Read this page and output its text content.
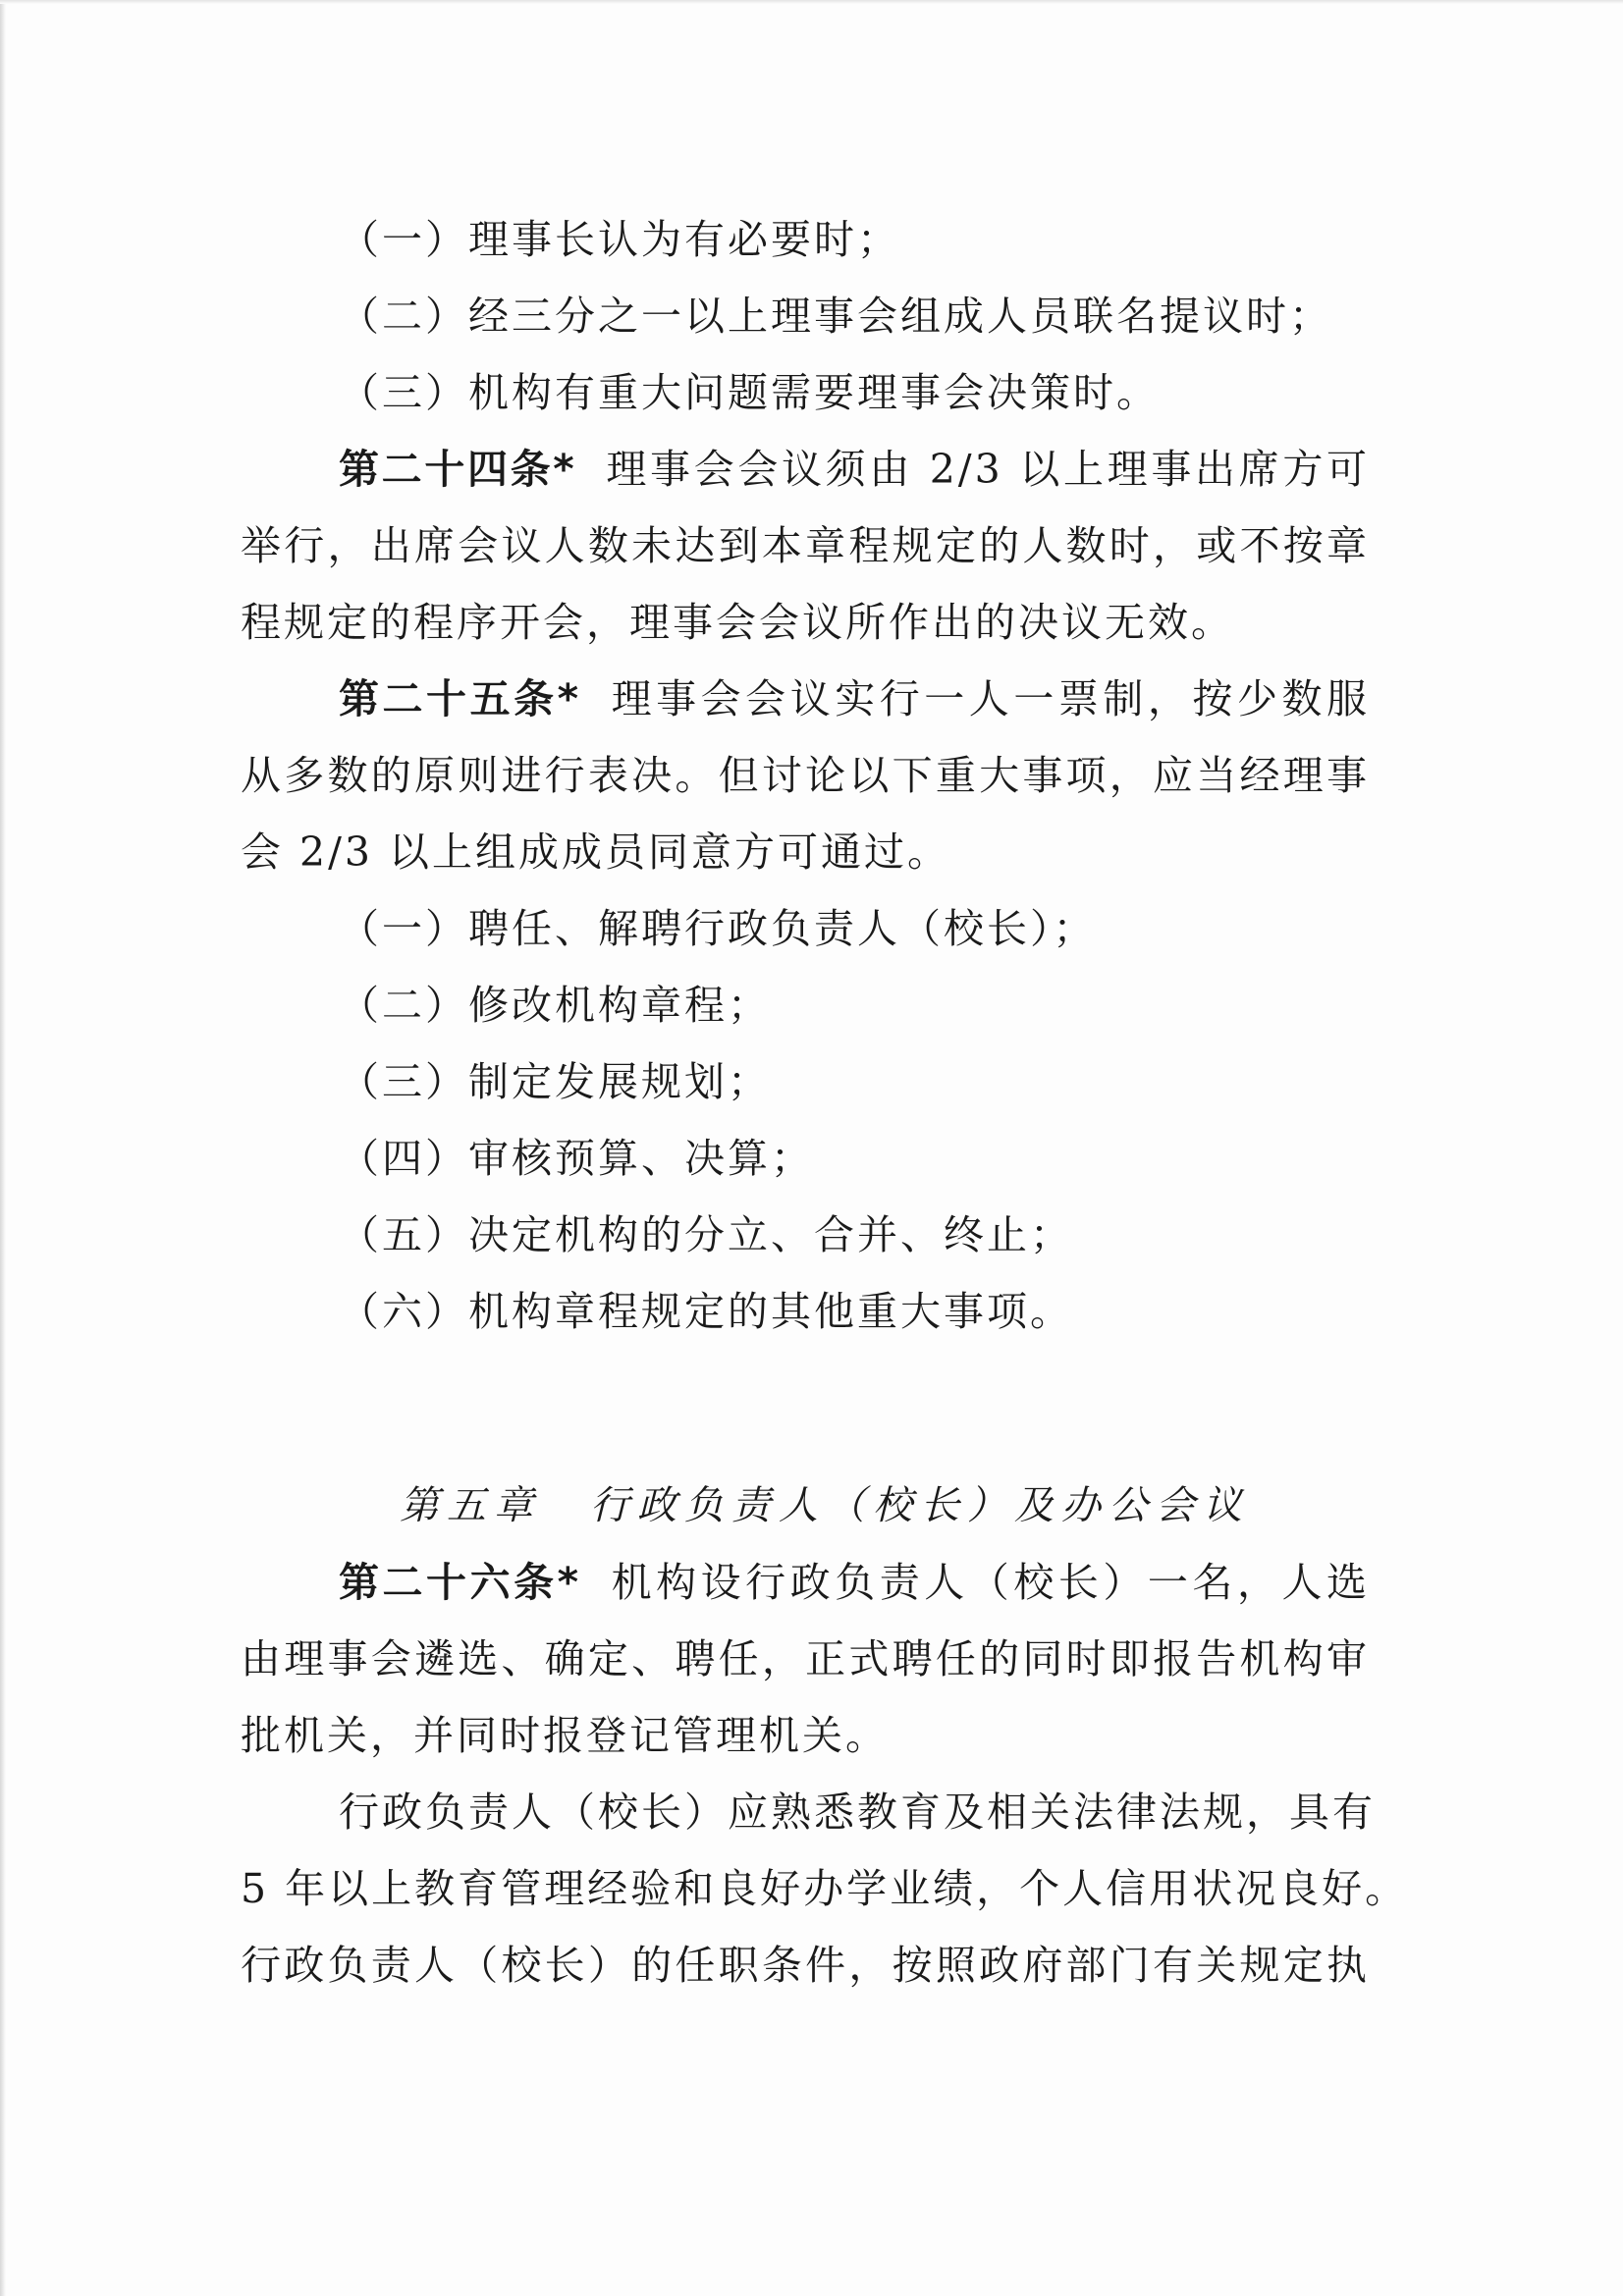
（一）理事长认为有必要时；
（二）经三分之一以上理事会组成人员联名提议时；
（三）机构有重大问题需要理事会决策时。
第二十四条* 理事会会议须由 2/3 以上理事出席方可
举行，出席会议人数未达到本章程规定的人数时，或不按章
程规定的程序开会，理事会会议所作出的决议无效。
第二十五条* 理事会会议实行一人一票制，按少数服
从多数的原则进行表决。但讨论以下重大事项，应当经理事
会 2/3 以上组成成员同意方可通过。
（一）聘任、解聘行政负责人（校长）；
（二）修改机构章程；
（三）制定发展规划；
（四）审核预算、决算；
（五）决定机构的分立、合并、终止；
（六）机构章程规定的其他重大事项。
第五章 行政负责人（校长）及办公会议
第二十六条* 机构设行政负责人（校长）一名，人选
由理事会遴选、确定、聘任，正式聘任的同时即报告机构审
批机关，并同时报登记管理机关。
行政负责人（校长）应熟悉教育及相关法律法规，具有
5 年以上教育管理经验和良好办学业绩，个人信用状况良好。
行政负责人（校长）的任职条件，按照政府部门有关规定执
